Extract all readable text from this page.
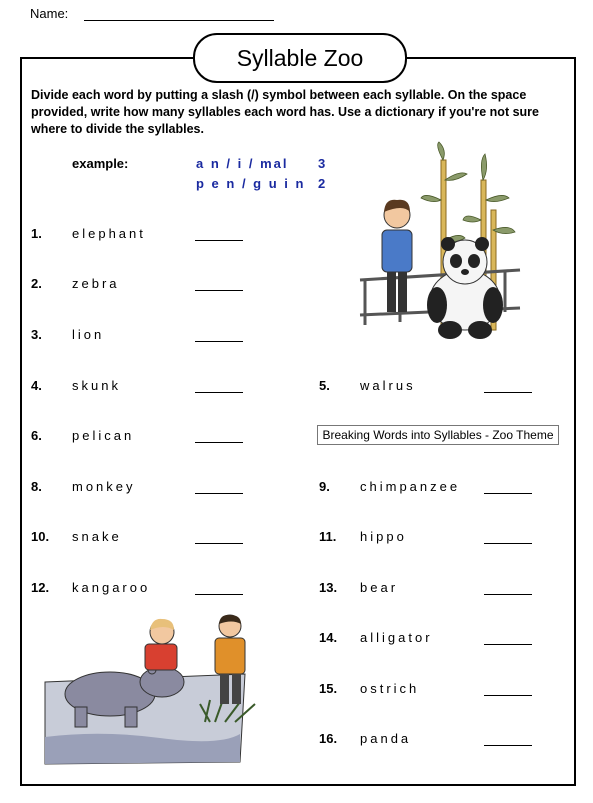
Name:
Syllable Zoo
Divide each word by putting a slash (/) symbol between each syllable. On the space provided, write how many syllables each word has. Use a dictionary if you're not sure where to divide the syllables.
example:	a n / i / mal 3
p e n / g u i n 2
1. elephant
2. zebra
3. lion
4. skunk
6. pelican
8. monkey
10. snake
12. kangaroo
5. walrus
Breaking Words into Syllables - Zoo Theme
9. chimpanzee
11. hippo
13. bear
14. alligator
15. ostrich
16. panda
